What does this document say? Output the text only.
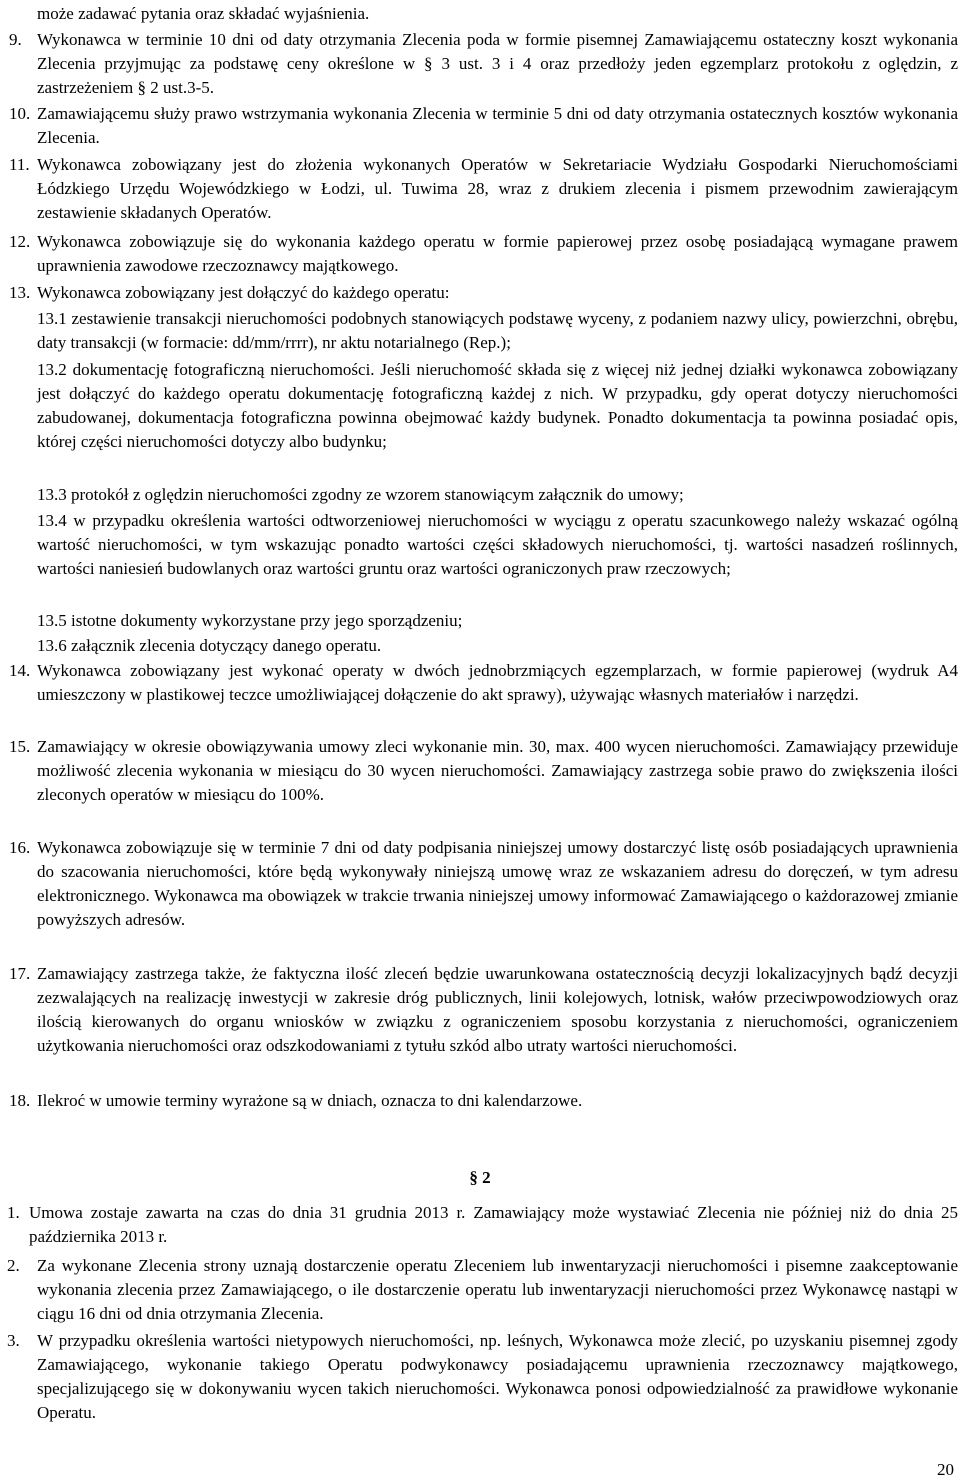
może zadawać pytania oraz składać wyjaśnienia.
9. Wykonawca w terminie 10 dni od daty otrzymania Zlecenia poda w formie pisemnej Zamawiającemu ostateczny koszt wykonania Zlecenia przyjmując za podstawę ceny określone w § 3 ust. 3 i 4 oraz przedłoży jeden egzemplarz protokołu z oględzin, z zastrzeżeniem § 2 ust.3-5.
10. Zamawiającemu służy prawo wstrzymania wykonania Zlecenia w terminie 5 dni od daty otrzymania ostatecznych kosztów wykonania Zlecenia.
11. Wykonawca zobowiązany jest do złożenia wykonanych Operatów w Sekretariacie Wydziału Gospodarki Nieruchomościami Łódzkiego Urzędu Wojewódzkiego w Łodzi, ul. Tuwima 28, wraz z drukiem zlecenia i pismem przewodnim zawierającym zestawienie składanych Operatów.
12. Wykonawca zobowiązuje się do wykonania każdego operatu w formie papierowej przez osobę posiadającą wymagane prawem uprawnienia zawodowe rzeczoznawcy majątkowego.
13. Wykonawca zobowiązany jest dołączyć do każdego operatu:
13.1 zestawienie transakcji nieruchomości podobnych stanowiących podstawę wyceny, z podaniem nazwy ulicy, powierzchni, obrębu, daty transakcji (w formacie: dd/mm/rrrr), nr aktu notarialnego (Rep.);
13.2 dokumentację fotograficzną nieruchomości. Jeśli nieruchomość składa się z więcej niż jednej działki wykonawca zobowiązany jest dołączyć do każdego operatu dokumentację fotograficzną każdej z nich. W przypadku, gdy operat dotyczy nieruchomości zabudowanej, dokumentacja fotograficzna powinna obejmować każdy budynek. Ponadto dokumentacja ta powinna posiadać opis, której części nieruchomości dotyczy albo budynku;
13.3 protokół z oględzin nieruchomości zgodny ze wzorem stanowiącym załącznik do umowy;
13.4 w przypadku określenia wartości odtworzeniowej nieruchomości w wyciągu z operatu szacunkowego należy wskazać ogólną wartość nieruchomości, w tym wskazując ponadto wartości części składowych nieruchomości, tj. wartości nasadzeń roślinnych, wartości naniesień budowlanych oraz wartości gruntu oraz wartości ograniczonych praw rzeczowych;
13.5 istotne dokumenty wykorzystane przy jego sporządzeniu;
13.6 załącznik zlecenia dotyczący danego operatu.
14. Wykonawca zobowiązany jest wykonać operaty w dwóch jednobrzmiących egzemplarzach, w formie papierowej (wydruk A4 umieszczony w plastikowej teczce umożliwiającej dołączenie do akt sprawy), używając własnych materiałów i narzędzi.
15. Zamawiający w okresie obowiązywania umowy zleci wykonanie min. 30, max. 400 wycen nieruchomości. Zamawiający przewiduje możliwość zlecenia wykonania w miesiącu do 30 wycen nieruchomości. Zamawiający zastrzega sobie prawo do zwiększenia ilości zleconych operatów w miesiącu do 100%.
16. Wykonawca zobowiązuje się w terminie 7 dni od daty podpisania niniejszej umowy dostarczyć listę osób posiadających uprawnienia do szacowania nieruchomości, które będą wykonywały niniejszą umowę wraz ze wskazaniem adresu do doręczeń, w tym adresu elektronicznego. Wykonawca ma obowiązek w trakcie trwania niniejszej umowy informować Zamawiającego o każdorazowej zmianie powyższych adresów.
17. Zamawiający zastrzega także, że faktyczna ilość zleceń będzie uwarunkowana ostatecznością decyzji lokalizacyjnych bądź decyzji zezwalających na realizację inwestycji w zakresie dróg publicznych, linii kolejowych, lotnisk, wałów przeciwpowodziowych oraz ilością kierowanych do organu wniosków w związku z ograniczeniem sposobu korzystania z nieruchomości, ograniczeniem użytkowania nieruchomości oraz odszkodowaniami z tytułu szkód albo utraty wartości nieruchomości.
18. Ilekroć w umowie terminy wyrażone są w dniach, oznacza to dni kalendarzowe.
§ 2
1. Umowa zostaje zawarta na czas do dnia 31 grudnia 2013 r. Zamawiający może wystawiać Zlecenia nie później niż do dnia 25 października 2013 r.
2. Za wykonane Zlecenia strony uznają dostarczenie operatu Zleceniem lub inwentaryzacji nieruchomości i pisemne zaakceptowanie wykonania zlecenia przez Zamawiającego, o ile dostarczenie operatu lub inwentaryzacji nieruchomości przez Wykonawcę nastąpi w ciągu 16 dni od dnia otrzymania Zlecenia.
3. W przypadku określenia wartości nietypowych nieruchomości, np. leśnych, Wykonawca może zlecić, po uzyskaniu pisemnej zgody Zamawiającego, wykonanie takiego Operatu podwykonawcy posiadającemu uprawnienia rzeczoznawcy majątkowego, specjalizującego się w dokonywaniu wycen takich nieruchomości. Wykonawca ponosi odpowiedzialność za prawidłowe wykonanie Operatu.
20
